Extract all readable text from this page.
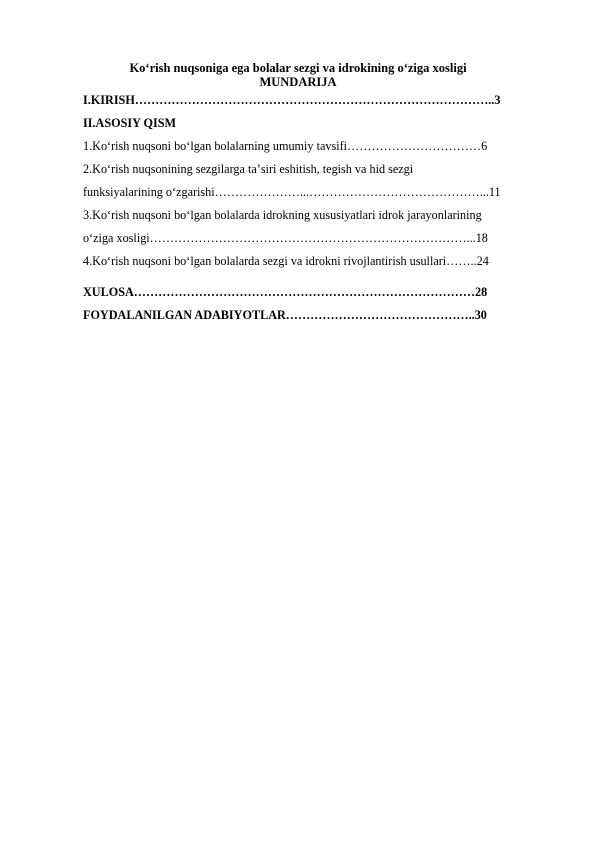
Koʻrish nuqsoniga ega bolalar sezgi va idrokining oʻziga xosligi
MUNDARIJA
I.KIRISH……………………………………………………………………………..3
II.ASOSIY QISM
1.Koʻrish nuqsoni boʻlgan bolalarning umumiy tavsifi……………………………6
2.Koʻrish nuqsonining sezgilarga taʼsiri eshitish, tegish va hid sezgi
funksiyalarining oʻzgarishi…………………...……………………………………...11
3.Koʻrish nuqsoni boʻlgan bolalarda idrokning xususiyatlari idrok jarayonlarining
oʻziga xosligi……………………………………………………………………...18
4.Koʻrish nuqsoni boʻlgan bolalarda sezgi va idrokni rivojlantirish usullari……..24
XULOSA…………………………………………………………………………28
FOYDALANILGAN ADABIYOTLAR………………………………………..30
